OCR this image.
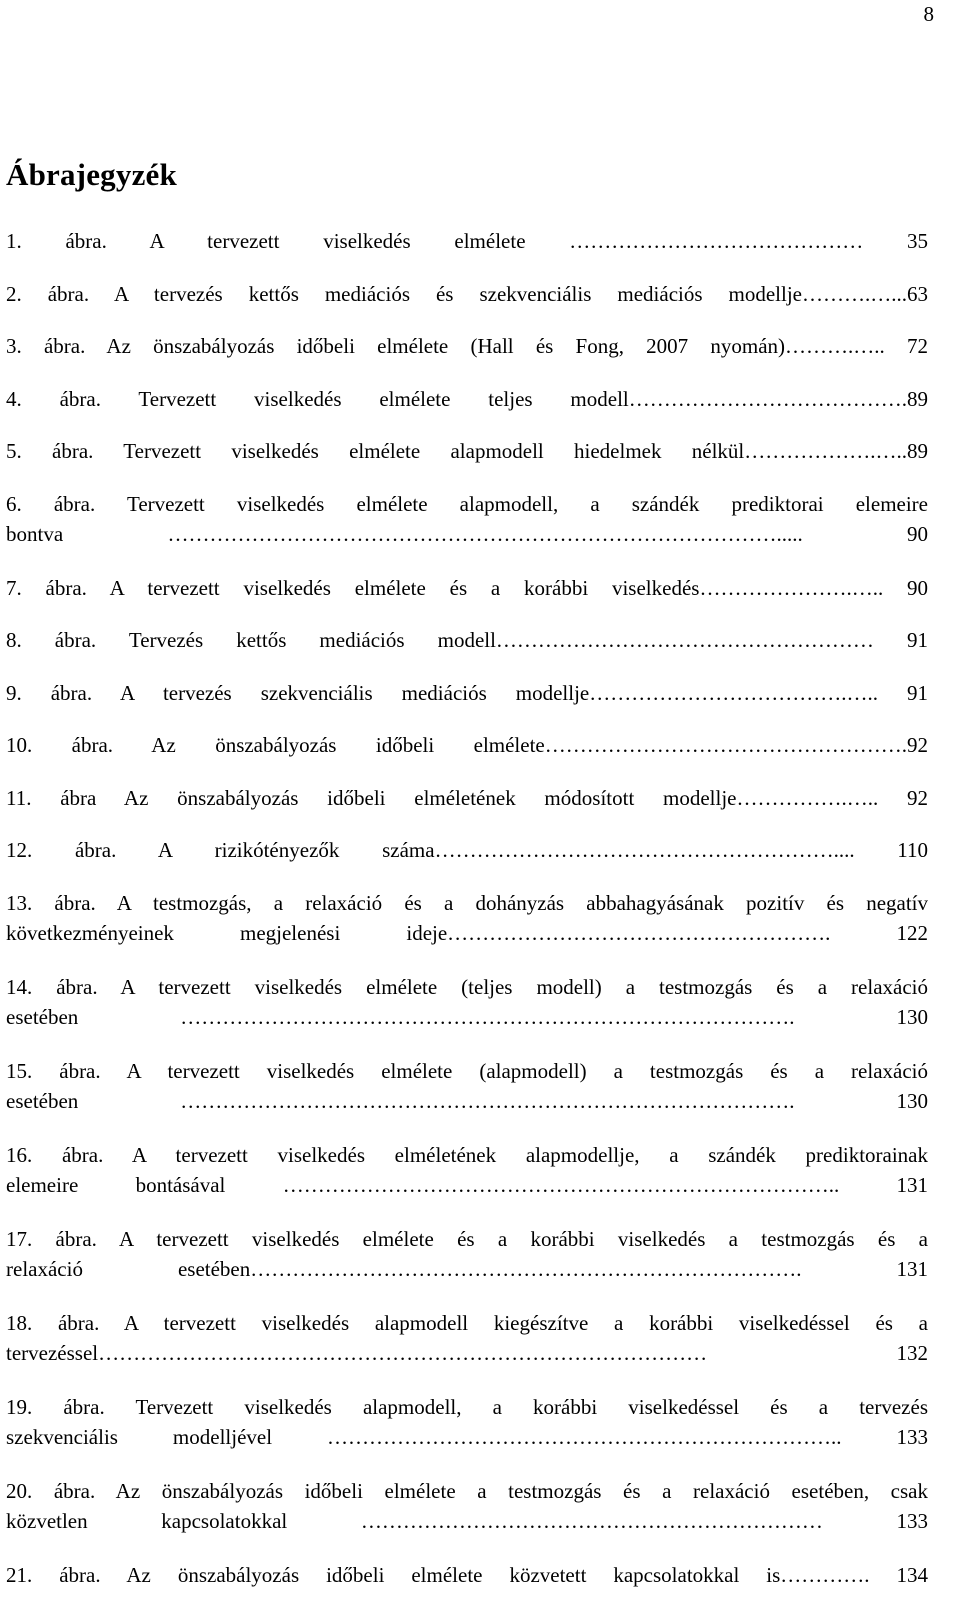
8
Ábrajegyzék
1. ábra. A tervezett viselkedés elmélete …………………………………… 35
2. ábra. A tervezés kettős mediációs és szekvenciális mediációs modellje……….…...63
3. ábra. Az önszabályozás időbeli elmélete (Hall és Fong, 2007 nyomán)……….….. 72
4. ábra. Tervezett viselkedés elmélete teljes modell………………………………….89
5. ábra. Tervezett viselkedés elmélete alapmodell hiedelmek nélkül……………….…..89
6. ábra. Tervezett viselkedés elmélete alapmodell, a szándék prediktorai elemeire
bontva ……………………………………………………………………………..... 90
7. ábra. A tervezett viselkedés elmélete és a korábbi viselkedés………………….….. 90
8. ábra. Tervezés kettős mediációs modell……………………………………………… 91
9. ábra. A tervezés szekvenciális mediációs modellje……………………………….….. 91
10. ábra. Az önszabályozás időbeli elmélete…………………………………………….92
11. ábra Az önszabályozás időbeli elméletének módosított modellje…………….….. 92
12. ábra. A rizikótényezők száma………………………………………………….... 110
13. ábra. A testmozgás, a relaxáció és a dohányzás abbahagyásának pozitív és negatív
következményeinek megjelenési ideje………………………………………………. 122
14. ábra. A tervezett viselkedés elmélete (teljes modell) a testmozgás és a relaxáció
esetében ……………………………………………………………………………. 130
15. ábra. A tervezett viselkedés elmélete (alapmodell) a testmozgás és a relaxáció
esetében ……………………………………………………………………………. 130
16. ábra. A tervezett viselkedés elméletének alapmodellje, a szándék prediktorainak
elemeire bontásával …………………………………………………………………….. 131
17. ábra. A tervezett viselkedés elmélete és a korábbi viselkedés a testmozgás és a
relaxáció esetében……………………………………………………………………. 131
18. ábra. A tervezett viselkedés alapmodell kiegészítve a korábbi viselkedéssel és a
tervezéssel…………………………………………………………………………… 132
19. ábra. Tervezett viselkedés alapmodell, a korábbi viselkedéssel és a tervezés
szekvenciális modelljével ……………………………………………………………….. 133
20. ábra. Az önszabályozás időbeli elmélete a testmozgás és a relaxáció esetében, csak
közvetlen kapcsolatokkal ………………………………………………………… 133
21. ábra. Az önszabályozás időbeli elmélete közvetett kapcsolatokkal is…………. 134
